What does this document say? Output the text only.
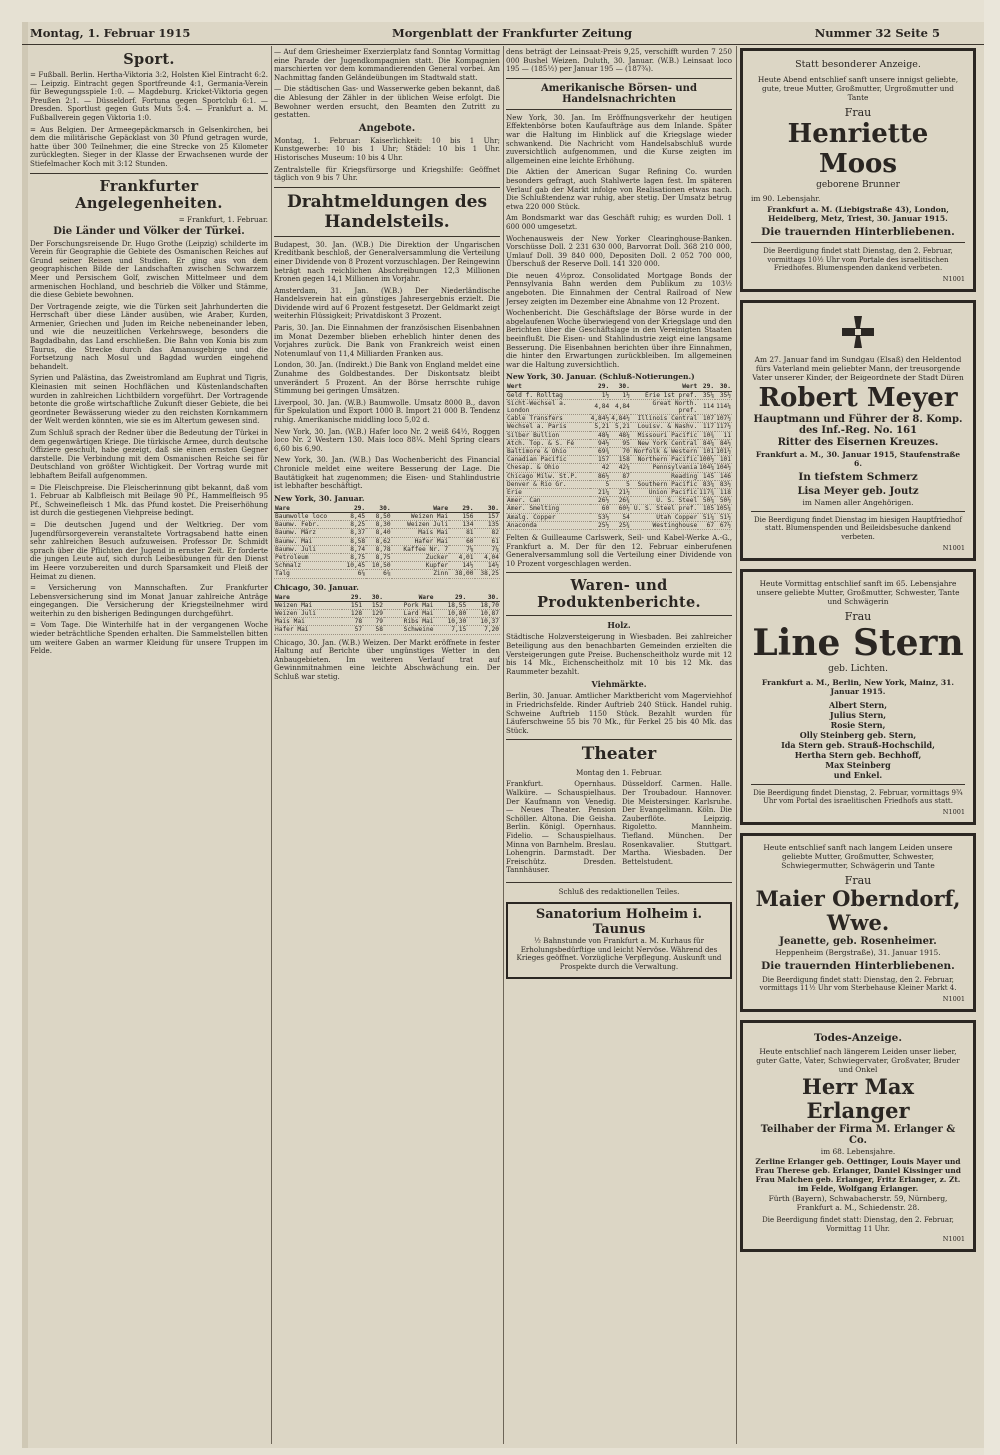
Montag, 1. Februar 1915	Morgenblatt der Frankfurter Zeitung	Nummer 32 Seite 5
Sport.

= Fußball. Berlin. Hertha-Viktoria 3:2, Holsten Kiel Eintracht 6:2. — Leipzig. Eintracht gegen Sportfreunde 4:1, Germania-Verein für Bewegungsspiele 1:0. — Magdeburg. Kricket-Viktoria gegen Preußen 2:1. — Düsseldorf. Fortuna gegen Sportclub 6:1. — Dresden. Sportlust gegen Guts Muts 5:4. — Frankfurt a. M. Fußballverein gegen Viktoria 1:0.

= Aus Belgien. Der Armeegepäckmarsch in Gelsenkirchen, bei dem die militärische Gepäcklast von 30 Pfund getragen wurde, hatte über 300 Teilnehmer, die eine Strecke von 25 Kilometer zurücklegten. Sieger in der Klasse der Erwachsenen wurde der Stiefelmacher Koch mit 3:12 Stunden.

Frankfurter Angelegenheiten.
= Frankfurt, 1. Februar.
Die Länder und Völker der Türkei.

Der Forschungsreisende Dr. Hugo Grothe (Leipzig) schilderte im Verein für Geographie die Gebiete des Osmanischen Reiches auf Grund seiner Reisen und Studien. Er ging aus von dem geographischen Bilde der Landschaften zwischen Schwarzem Meer und Persischem Golf, zwischen Mittelmeer und dem armenischen Hochland, und beschrieb die Völker und Stämme, die diese Gebiete bewohnen.

Der Vortragende zeigte, wie die Türken seit Jahrhunderten die Herrschaft über diese Länder ausüben, wie Araber, Kurden, Armenier, Griechen und Juden im Reiche nebeneinander leben, und wie die neuzeitlichen Verkehrswege, besonders die Bagdadbahn, das Land erschließen. Die Bahn von Konia bis zum Taurus, die Strecke durch das Amanusgebirge und die Fortsetzung nach Mosul und Bagdad wurden eingehend behandelt.

Syrien und Palästina, das Zweistromland am Euphrat und Tigris, Kleinasien mit seinen Hochflächen und Küstenlandschaften wurden in zahlreichen Lichtbildern vorgeführt. Der Vortragende betonte die große wirtschaftliche Zukunft dieser Gebiete, die bei geordneter Bewässerung wieder zu den reichsten Kornkammern der Welt werden könnten, wie sie es im Altertum gewesen sind.

Zum Schluß sprach der Redner über die Bedeutung der Türkei in dem gegenwärtigen Kriege. Die türkische Armee, durch deutsche Offiziere geschult, habe gezeigt, daß sie einen ernsten Gegner darstelle. Die Verbindung mit dem Osmanischen Reiche sei für Deutschland von größter Wichtigkeit. Der Vortrag wurde mit lebhaftem Beifall aufgenommen.

= Die Fleischpreise. Die Fleischerinnung gibt bekannt, daß vom 1. Februar ab Kalbfleisch mit Beilage 90 Pf., Hammelfleisch 95 Pf., Schweinefleisch 1 Mk. das Pfund kostet. Die Preiserhöhung ist durch die gestiegenen Viehpreise bedingt.

= Die deutschen Jugend und der Weltkrieg. Der vom Jugendfürsorgeverein veranstaltete Vortragsabend hatte einen sehr zahlreichen Besuch aufzuweisen. Professor Dr. Schmidt sprach über die Pflichten der Jugend in ernster Zeit. Er forderte die jungen Leute auf, sich durch Leibesübungen für den Dienst im Heere vorzubereiten und durch Sparsamkeit und Fleiß der Heimat zu dienen.

= Versicherung von Mannschaften. Zur Frankfurter Lebensversicherung sind im Monat Januar zahlreiche Anträge eingegangen. Die Versicherung der Kriegsteilnehmer wird weiterhin zu den bisherigen Bedingungen durchgeführt.

= Vom Tage. Die Winterhilfe hat in der vergangenen Woche wieder beträchtliche Spenden erhalten. Die Sammelstellen bitten um weitere Gaben an warmer Kleidung für unsere Truppen im Felde.

— Auf dem Griesheimer Exerzierplatz fand Sonntag Vormittag eine Parade der Jugendkompagnien statt. Die Kompagnien marschierten vor dem kommandierenden General vorbei. Am Nachmittag fanden Geländeübungen im Stadtwald statt.

— Die städtischen Gas- und Wasserwerke geben bekannt, daß die Ablesung der Zähler in der üblichen Weise erfolgt. Die Bewohner werden ersucht, den Beamten den Zutritt zu gestatten.

Angebote.

Montag, 1. Februar: Kaiserlichkeit: 10 bis 1 Uhr; Kunstgewerbe: 10 bis 1 Uhr; Städel: 10 bis 1 Uhr. Historisches Museum: 10 bis 4 Uhr.

Zentralstelle für Kriegsfürsorge und Kriegshilfe: Geöffnet täglich von 9 bis 7 Uhr.

Drahtmeldungen des Handelsteils.

Budapest, 30. Jan. (W.B.) Die Direktion der Ungarischen Kreditbank beschloß, der Generalversammlung die Verteilung einer Dividende von 8 Prozent vorzuschlagen. Der Reingewinn beträgt nach reichlichen Abschreibungen 12,3 Millionen Kronen gegen 14,1 Millionen im Vorjahr.

Amsterdam, 31. Jan. (W.B.) Der Niederländische Handelsverein hat ein günstiges Jahresergebnis erzielt. Die Dividende wird auf 6 Prozent festgesetzt. Der Geldmarkt zeigt weiterhin Flüssigkeit; Privatdiskont 3 Prozent.

Paris, 30. Jan. Die Einnahmen der französischen Eisenbahnen im Monat Dezember blieben erheblich hinter denen des Vorjahres zurück. Die Bank von Frankreich weist einen Notenumlauf von 11,4 Milliarden Franken aus.

London, 30. Jan. (Indirekt.) Die Bank von England meldet eine Zunahme des Goldbestandes. Der Diskontsatz bleibt unverändert 5 Prozent. An der Börse herrschte ruhige Stimmung bei geringen Umsätzen.

Liverpool, 30. Jan. (W.B.) Baumwolle. Umsatz 8000 B., davon für Spekulation und Export 1000 B. Import 21 000 B. Tendenz ruhig. Amerikanische middling loco 5,02 d.

New York, 30. Jan. (W.B.) Hafer loco Nr. 2 weiß 64½, Roggen loco Nr. 2 Western 130. Mais loco 88¼. Mehl Spring clears 6,60 bis 6,90.

New York, 30. Jan. (W.B.) Das Wochenbericht des Financial Chronicle meldet eine weitere Besserung der Lage. Die Bautätigkeit hat zugenommen; die Eisen- und Stahlindustrie ist lebhafter beschäftigt.

New York, 30. Januar.
Ware	29.	30.	Ware	29.	30.
Baumwolle loco	8,45	8,50	Weizen Mai	156	157
Baumw. Febr.	8,25	8,30	Weizen Juli	134	135
Baumw. März	8,37	8,40	Mais Mai	81	82
Baumw. Mai	8,58	8,62	Hafer Mai	60	61
Baumw. Juli	8,74	8,78	Kaffee Nr. 7	7⅛	7¼
Petroleum	8,75	8,75	Zucker	4,01	4,04
Schmalz	10,45	10,50	Kupfer	14½	14½
Talg	6⅞	6⅞	Zinn	38,00	38,25
Chicago, 30. Januar.
Ware	29.	30.	Ware	29.	30.
Weizen Mai	151	152	Pork Mai	18,55	18,70
Weizen Juli	128	129	Lard Mai	10,80	10,87
Mais Mai	78	79	Ribs Mai	10,30	10,37
Hafer Mai	57	58	Schweine	7,15	7,20

Chicago, 30. Jan. (W.B.) Weizen. Der Markt eröffnete in fester Haltung auf Berichte über ungünstiges Wetter in den Anbaugebieten. Im weiteren Verlauf trat auf Gewinnmitnahmen eine leichte Abschwächung ein. Der Schluß war stetig.

dens beträgt der Leinsaat-Preis 9,25, verschifft wurden 7 250 000 Bushel Weizen. Duluth, 30. Januar. (W.B.) Leinsaat loco 195 — (185½) per Januar 195 — (187¾).

Amerikanische Börsen- und Handelsnachrichten

New York, 30. Jan. Im Eröffnungsverkehr der heutigen Effektenbörse boten Kaufaufträge aus dem Inlande. Später war die Haltung im Hinblick auf die Kriegslage wieder schwankend. Die Nachricht vom Handelsabschluß wurde zuversichtlich aufgenommen, und die Kurse zeigten im allgemeinen eine leichte Erhöhung.

Die Aktien der American Sugar Refining Co. wurden besonders gefragt, auch Stahlwerte lagen fest. Im späteren Verlauf gab der Markt infolge von Realisationen etwas nach. Die Schlußtendenz war ruhig, aber stetig. Der Umsatz betrug etwa 220 000 Stück.

Am Bondsmarkt war das Geschäft ruhig; es wurden Doll. 1 600 000 umgesetzt.

Wochenausweis der New Yorker Clearinghouse-Banken. Vorschüsse Doll. 2 231 630 000, Barvorrat Doll. 368 210 000, Umlauf Doll. 39 840 000, Depositen Doll. 2 052 700 000, Überschuß der Reserve Doll. 141 320 000.

Die neuen 4½proz. Consolidated Mortgage Bonds der Pennsylvania Bahn werden dem Publikum zu 103½ angeboten. Die Einnahmen der Central Railroad of New Jersey zeigten im Dezember eine Abnahme von 12 Prozent.

Wochenbericht. Die Geschäftslage der Börse wurde in der abgelaufenen Woche überwiegend von der Kriegslage und den Berichten über die Geschäftslage in den Vereinigten Staaten beeinflußt. Die Eisen- und Stahlindustrie zeigt eine langsame Besserung. Die Eisenbahnen berichten über ihre Einnahmen, die hinter den Erwartungen zurückbleiben. Im allgemeinen war die Haltung zuversichtlich.

New York, 30. Januar. (Schluß-Notierungen.)
Wert	29.	30.	Wert	29.	30.
Geld f. Rolltag	1½	1½	Erie 1st pref.	35¼	35½
Sicht-Wechsel a. London	4,84	4,84	Great North. pref.	114	114¼
Cable Transfers	4,84½	4,84½	Illinois Central	107	107½
Wechsel a. Paris	5,21	5,21	Louisv. & Nashv.	117	117½
Silber Bullion	48⅛	48¼	Missouri Pacific	10¾	11
Atch. Top. & S. Fé	94½	95	New York Central	84¼	84½
Baltimore & Ohio	69¾	70	Norfolk & Western	101	101½
Canadian Pacific	157	158	Northern Pacific	100½	101
Chesap. & Ohio	42	42¼	Pennsylvania	104¼	104½
Chicago Milw. St.P.	86½	87	Reading	145	146
Denver & Rio Gr.	5	5	Southern Pacific	83¼	83½
Erie	21¼	21½	Union Pacific	117¾	118
Amer. Can	26½	26¾	U. S. Steel	50¼	50½
Amer. Smelting	60	60½	U. S. Steel pref.	105	105¼
Amalg. Copper	53½	54	Utah Copper	51¼	51½
Anaconda	25½	25¾	Westinghouse	67	67½

Felten & Guilleaume Carlswerk, Seil- und Kabel-Werke A.-G., Frankfurt a. M. Der für den 12. Februar einberufenen Generalversammlung soll die Verteilung einer Dividende von 10 Prozent vorgeschlagen werden.

Waren- und Produktenberichte.
Holz.

Städtische Holzversteigerung in Wiesbaden. Bei zahlreicher Beteiligung aus den benachbarten Gemeinden erzielten die Versteigerungen gute Preise. Buchenscheitholz wurde mit 12 bis 14 Mk., Eichenscheitholz mit 10 bis 12 Mk. das Raummeter bezahlt.

Viehmärkte.

Berlin, 30. Januar. Amtlicher Marktbericht vom Magerviehhof in Friedrichsfelde. Rinder Auftrieb 240 Stück. Handel ruhig. Schweine Auftrieb 1150 Stück. Bezahlt wurden für Läuferschweine 55 bis 70 Mk., für Ferkel 25 bis 40 Mk. das Stück.

Theater
Montag den 1. Februar.

Frankfurt. Opernhaus. Walküre. — Schauspielhaus. Der Kaufmann von Venedig. — Neues Theater. Pension Schöller. Altona. Die Geisha. Berlin. Königl. Opernhaus. Fidelio. — Schauspielhaus. Minna von Barnhelm. Breslau. Lohengrin. Darmstadt. Der Freischütz. Dresden. Tannhäuser.

Düsseldorf. Carmen. Halle. Der Troubadour. Hannover. Die Meistersinger. Karlsruhe. Der Evangelimann. Köln. Die Zauberflöte. Leipzig. Rigoletto. Mannheim. Tiefland. München. Der Rosenkavalier. Stuttgart. Martha. Wiesbaden. Der Bettelstudent.

Schluß des redaktionellen Teiles.
Sanatorium Holheim i. Taunus

½ Bahnstunde von Frankfurt a. M. Kurhaus für Erholungsbedürftige und leicht Nervöse. Während des Krieges geöffnet. Vorzügliche Verpflegung. Auskunft und Prospekte durch die Verwaltung.

Statt besonderer Anzeige.
Heute Abend entschlief sanft unsere innigst geliebte, gute, treue Mutter, Großmutter, Urgroßmutter und Tante
Frau
Henriette Moos
geborene Brunner
im 90. Lebensjahr.
Frankfurt a. M. (Liebigstraße 43), London, Heidelberg, Metz, Triest, 30. Januar 1915.
Die trauernden Hinterbliebenen.
Die Beerdigung findet statt Dienstag, den 2. Februar, vormittags 10½ Uhr vom Portale des israelitischen Friedhofes. Blumenspenden dankend verbeten.
N1001
Am 27. Januar fand im Sundgau (Elsaß) den Heldentod fürs Vaterland mein geliebter Mann, der treusorgende Vater unserer Kinder, der Beigeordnete der Stadt Düren
Robert Meyer
Hauptmann und Führer der 8. Komp. des Inf.-Reg. No. 161
Ritter des Eisernen Kreuzes.
Frankfurt a. M., 30. Januar 1915, Staufenstraße 6.
In tiefstem Schmerz
Lisa Meyer geb. Joutz
im Namen aller Angehörigen.
Die Beerdigung findet Dienstag im hiesigen Hauptfriedhof statt. Blumenspenden und Beileidsbesuche dankend verbeten.
N1001
Heute Vormittag entschlief sanft im 65. Lebensjahre unsere geliebte Mutter, Großmutter, Schwester, Tante und Schwägerin
Frau
Line Stern
geb. Lichten.
Frankfurt a. M., Berlin, New York, Mainz, 31. Januar 1915.
Albert Stern,
Julius Stern,
Rosie Stern,
Olly Steinberg geb. Stern,
Ida Stern geb. Strauß-Hochschild,
Hertha Stern geb. Bechhoff,
Max Steinberg
und Enkel.
Die Beerdigung findet Dienstag, 2. Februar, vormittags 9¾ Uhr vom Portal des israelitischen Friedhofs aus statt.
N1001
Heute entschlief sanft nach langem Leiden unsere geliebte Mutter, Großmutter, Schwester, Schwiegermutter, Schwägerin und Tante
Frau
Maier Oberndorf, Wwe.
Jeanette, geb. Rosenheimer.
Heppenheim (Bergstraße), 31. Januar 1915.
Die trauernden Hinterbliebenen.
Die Beerdigung findet statt: Dienstag, den 2. Februar, vormittags 11½ Uhr vom Sterbehause Kleiner Markt 4.
N1001
Todes-Anzeige.
Heute entschlief nach längerem Leiden unser lieber, guter Gatte, Vater, Schwiegervater, Großvater, Bruder und Onkel
Herr Max Erlanger
Teilhaber der Firma M. Erlanger & Co.
im 68. Lebensjahre.
Zerline Erlanger geb. Oettinger, Louis Mayer und Frau Therese geb. Erlanger, Daniel Kissinger und Frau Malchen geb. Erlanger, Fritz Erlanger, z. Zt. im Felde, Wolfgang Erlanger.
Fürth (Bayern), Schwabacherstr. 59, Nürnberg, Frankfurt a. M., Schiedenstr. 28.
Die Beerdigung findet statt: Dienstag, den 2. Februar, Vormittag 11 Uhr.
N1001
